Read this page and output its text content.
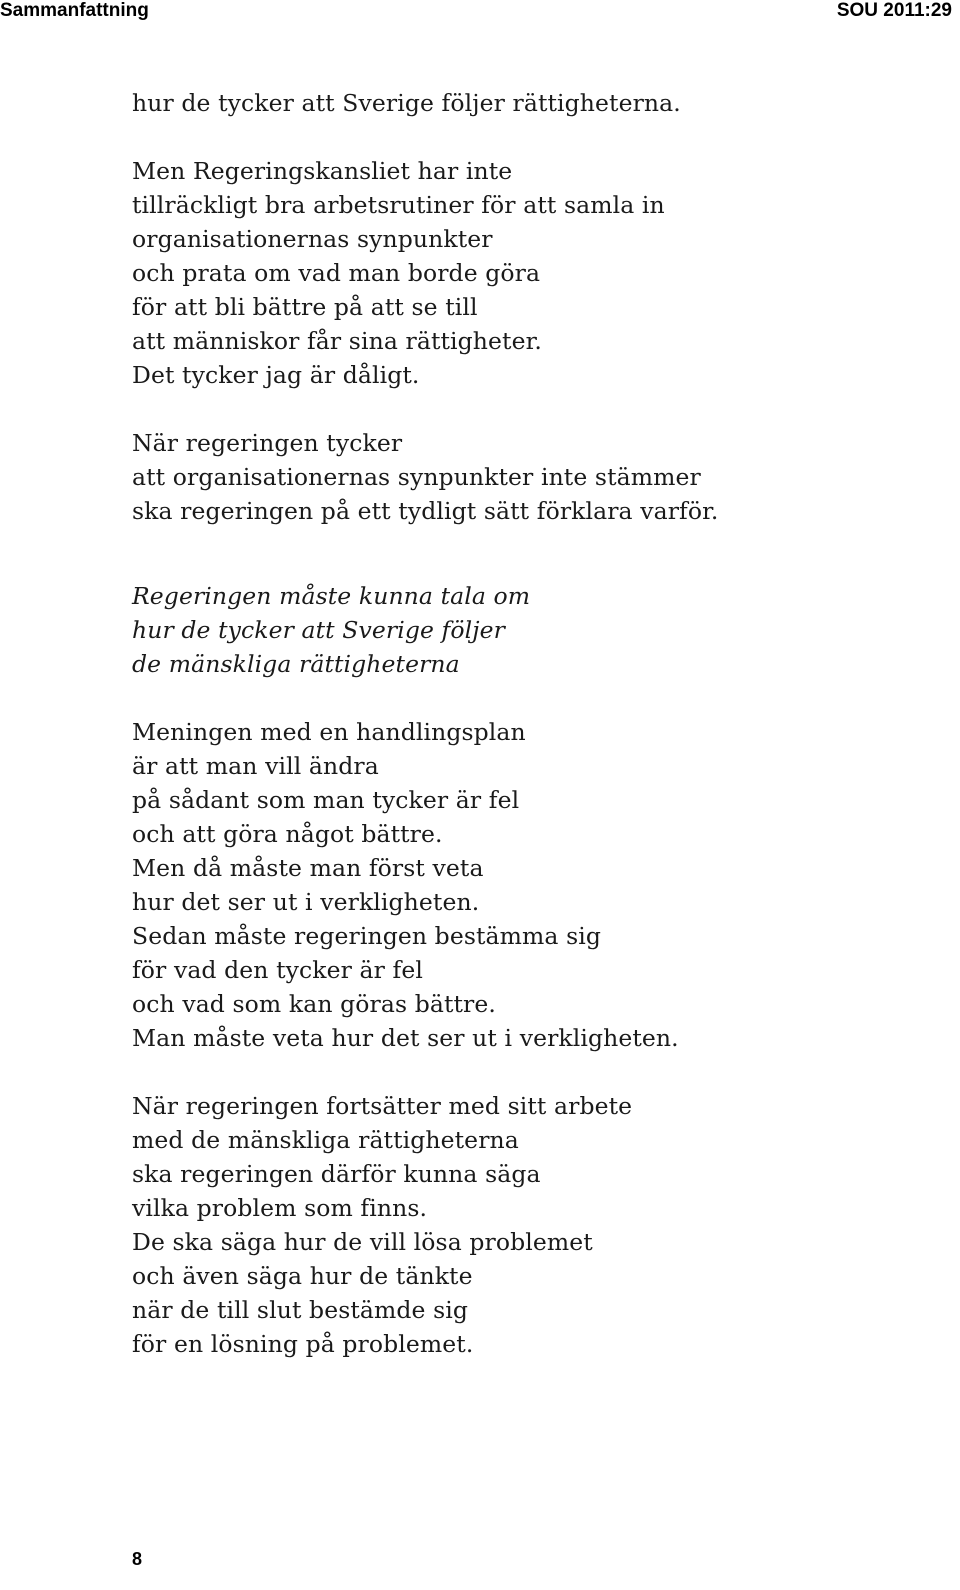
Sammanfattning	SOU 2011:29

hur de tycker att Sverige följer rättigheterna.

Men Regeringskansliet har inte
tillräckligt bra arbetsrutiner för att samla in
organisationernas synpunkter
och prata om vad man borde göra
för att bli bättre på att se till
att människor får sina rättigheter.
Det tycker jag är dåligt.

När regeringen tycker
att organisationernas synpunkter inte stämmer
ska regeringen på ett tydligt sätt förklara varför.

Regeringen måste kunna tala om
hur de tycker att Sverige följer
de mänskliga rättigheterna

Meningen med en handlingsplan
är att man vill ändra
på sådant som man tycker är fel
och att göra något bättre.
Men då måste man först veta
hur det ser ut i verkligheten.
Sedan måste regeringen bestämma sig
för vad den tycker är fel
och vad som kan göras bättre.
Man måste veta hur det ser ut i verkligheten.

När regeringen fortsätter med sitt arbete
med de mänskliga rättigheterna
ska regeringen därför kunna säga
vilka problem som finns.
De ska säga hur de vill lösa problemet
och även säga hur de tänkte
när de till slut bestämde sig
för en lösning på problemet.

8
